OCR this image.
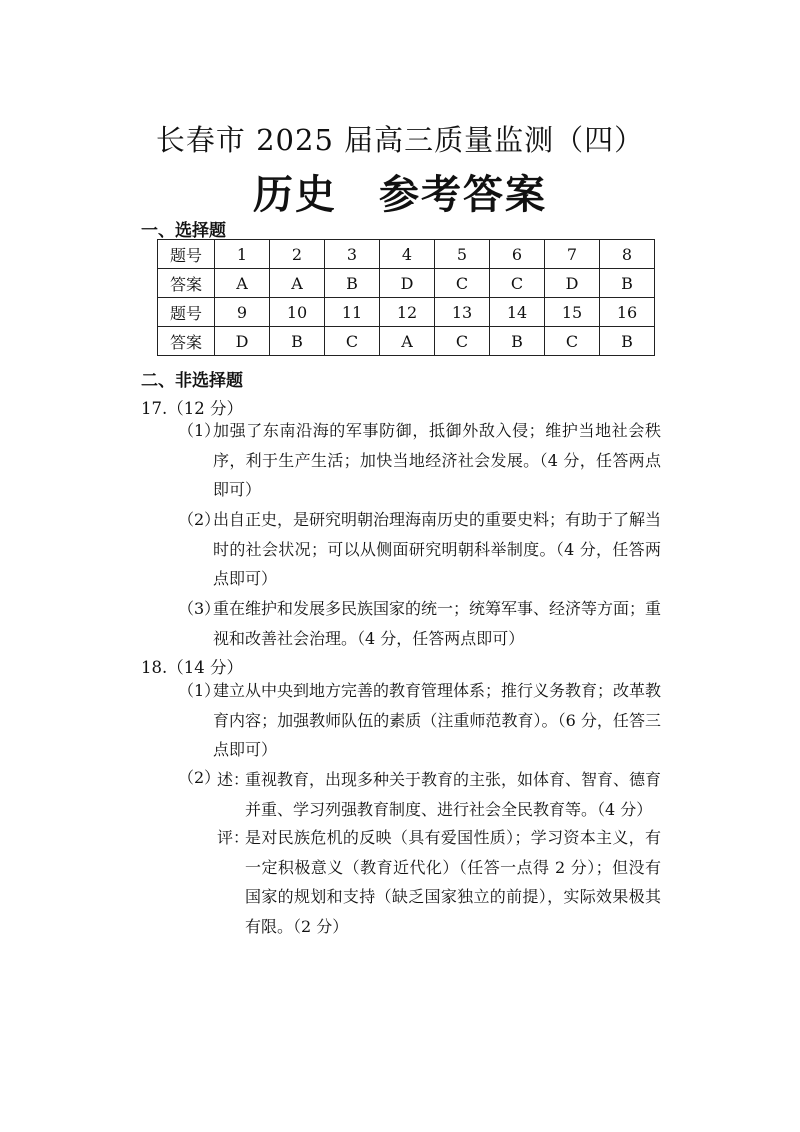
长春市 2025 届高三质量监测（四）
历史　参考答案
一、选择题
题号	1	2	3	4	5	6	7	8
答案	A	A	B	D	C	C	D	B
题号	9	10	11	12	13	14	15	16
答案	D	B	C	A	C	B	C	B
二、非选择题
17.（12 分）
（1）
加强了东南沿海的军事防御，抵御外敌入侵；维护当地社会秩序，利于生产生活；加快当地经济社会发展。（4 分，任答两点即可）
（2）
出自正史，是研究明朝治理海南历史的重要史料；有助于了解当时的社会状况；可以从侧面研究明朝科举制度。（4 分，任答两点即可）
（3）
重在维护和发展多民族国家的统一；统筹军事、经济等方面；重视和改善社会治理。（4 分，任答两点即可）
18.（14 分）
（1）
建立从中央到地方完善的教育管理体系；推行义务教育；改革教育内容；加强教师队伍的素质（注重师范教育）。（6 分，任答三点即可）
（2）
述：
重视教育，出现多种关于教育的主张，如体育、智育、德育并重、学习列强教育制度、进行社会全民教育等。（4 分）
评：
是对民族危机的反映（具有爱国性质）；学习资本主义，有一定积极意义（教育近代化）（任答一点得 2 分）；但没有国家的规划和支持（缺乏国家独立的前提），实际效果极其有限。（2 分）
